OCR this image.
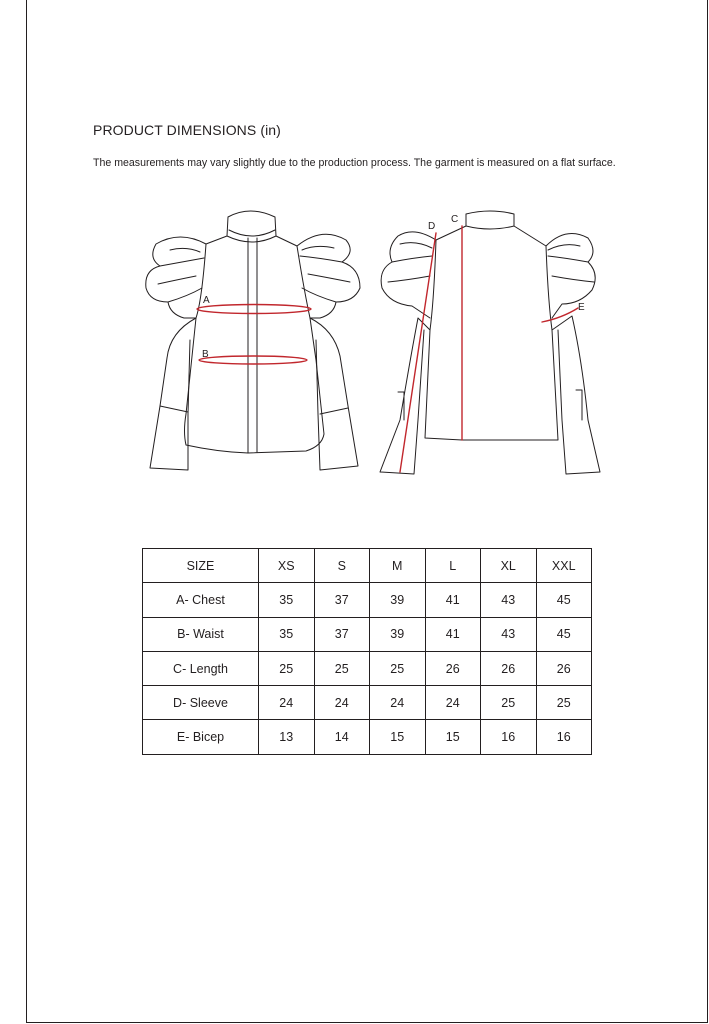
PRODUCT DIMENSIONS (in)
The measurements may vary slightly due to the production process. The garment is measured on a flat surface.
A
B
C
D
E
SIZE	XS	S	M	L	XL	XXL
A- Chest	35	37	39	41	43	45
B- Waist	35	37	39	41	43	45
C- Length	25	25	25	26	26	26
D- Sleeve	24	24	24	24	25	25
E- Bicep	13	14	15	15	16	16
